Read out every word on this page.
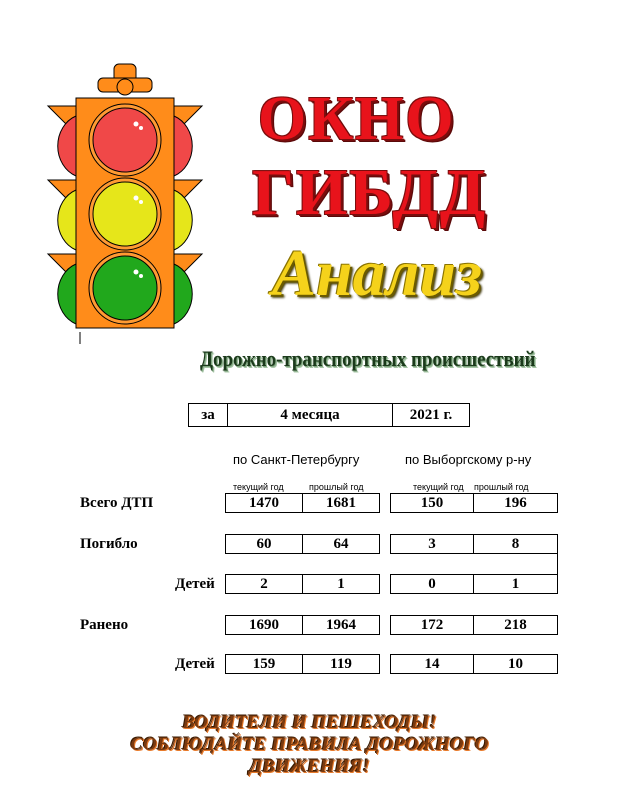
ОКНО
ГИБДД
Анализ
Дорожно-транспортных происшествий
за	4 месяца	2021 г.
по Санкт-Петербургу	по Выборгскому р-ну
текущий год	прошлый год	текущий год прошлый год
Всего ДТП	1470	1681	150	196
Погибло	60	64	3	8
Детей	2	1	0	1
Ранено	1690	1964	172	218
Детей	159	119	14	10
ВОДИТЕЛИ И ПЕШЕХОДЫ!
СОБЛЮДАЙТЕ ПРАВИЛА ДОРОЖНОГО
ДВИЖЕНИЯ!
